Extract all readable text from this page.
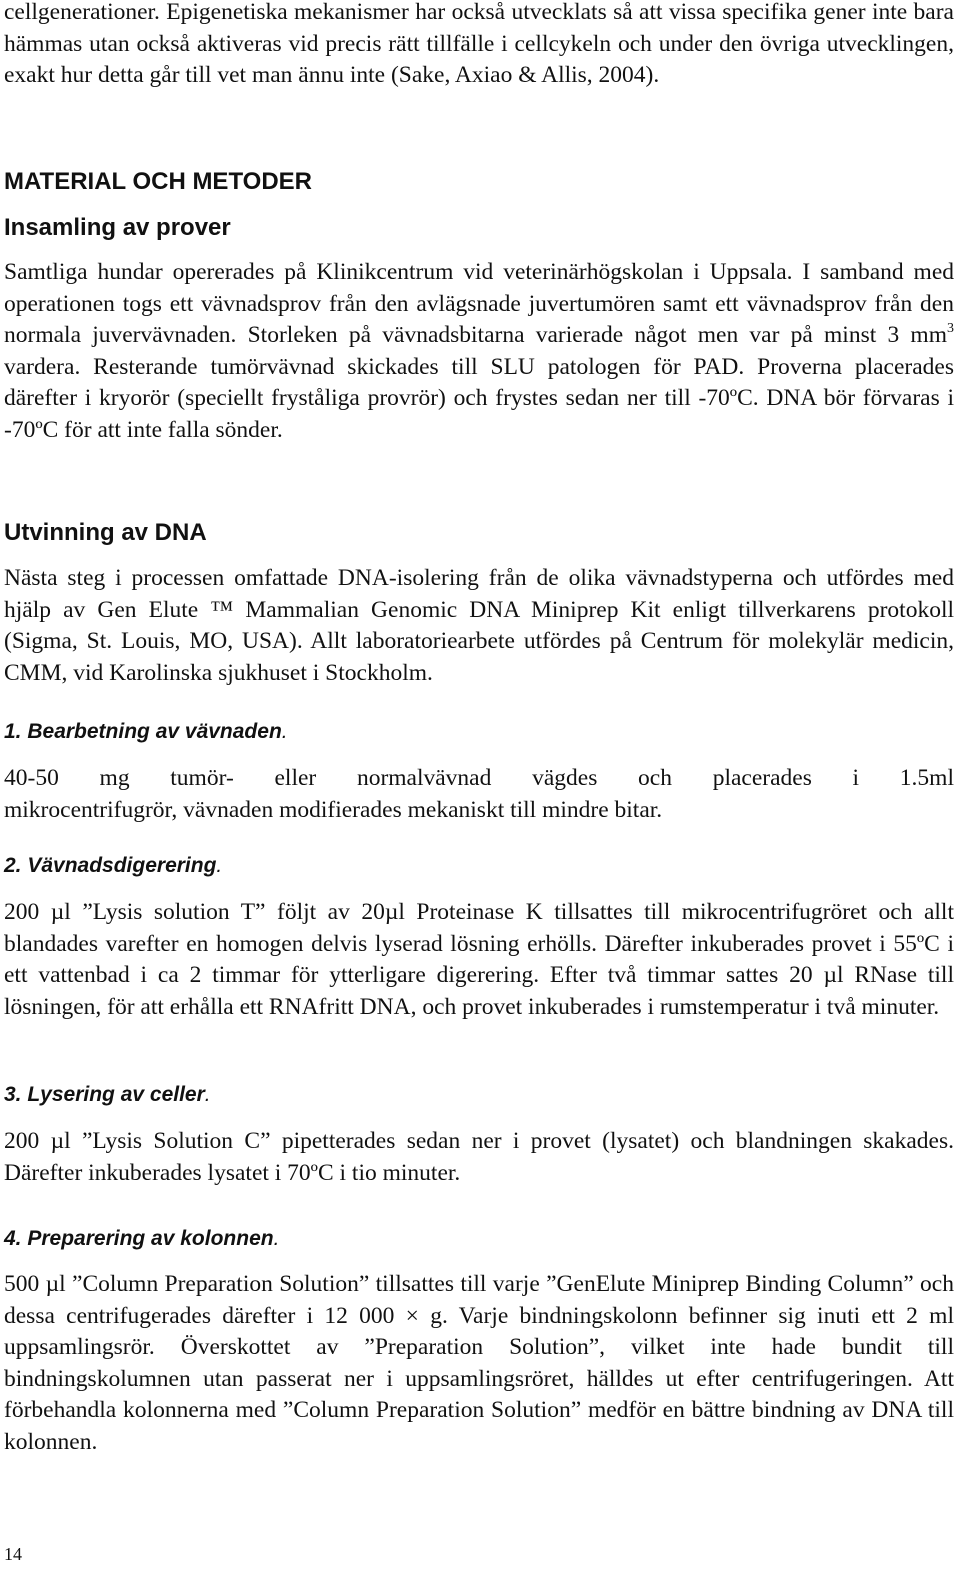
cellgenerationer. Epigenetiska mekanismer har också utvecklats så att vissa specifika gener inte bara hämmas utan också aktiveras vid precis rätt tillfälle i cellcykeln och under den övriga utvecklingen, exakt hur detta går till vet man ännu inte (Sake, Axiao & Allis, 2004).

MATERIAL OCH METODER
Insamling av prover

Samtliga hundar opererades på Klinikcentrum vid veterinärhögskolan i Uppsala. I samband med operationen togs ett vävnadsprov från den avlägsnade juvertumören samt ett vävnadsprov från den normala juvervävnaden. Storleken på vävnadsbitarna varierade något men var på minst 3 $mm^3$ vardera. Resterande tumörvävnad skickades till SLU patologen för PAD. Proverna placerades därefter i kryorör (speciellt fryståliga provrör) och frystes sedan ner till -70ºC. DNA bör förvaras i -70ºC för att inte falla sönder.

Utvinning av DNA

Nästa steg i processen omfattade DNA-isolering från de olika vävnadstyperna och utfördes med hjälp av Gen Elute ™ Mammalian Genomic DNA Miniprep Kit enligt tillverkarens protokoll (Sigma, St. Louis, MO, USA). Allt laboratoriearbete utfördes på Centrum för molekylär medicin, CMM, vid Karolinska sjukhuset i Stockholm.

1. Bearbetning av vävnaden.

40-50 mg tumör- eller normalvävnad vägdes och placerades i 1.5ml

mikrocentrifugrör, vävnaden modifierades mekaniskt till mindre bitar.

2. Vävnadsdigerering.

200 µl ”Lysis solution T” följt av 20µl Proteinase K tillsattes till mikrocentrifugröret och allt blandades varefter en homogen delvis lyserad lösning erhölls. Därefter inkuberades provet i 55ºC i ett vattenbad i ca 2 timmar för ytterligare digerering. Efter två timmar sattes 20 µl RNase till lösningen, för att erhålla ett RNAfritt DNA, och provet inkuberades i rumstemperatur i två minuter.

3. Lysering av celler.

200 µl ”Lysis Solution C” pipetterades sedan ner i provet (lysatet) och blandningen skakades. Därefter inkuberades lysatet i 70ºC i tio minuter.

4. Preparering av kolonnen.

500 µl ”Column Preparation Solution” tillsattes till varje ”GenElute Miniprep Binding Column” och dessa centrifugerades därefter i 12 000 × g. Varje bindningskolonn befinner sig inuti ett 2 ml uppsamlingsrör. Överskottet av ”Preparation Solution”, vilket inte hade bundit till bindningskolumnen utan passerat ner i uppsamlingsröret, hälldes ut efter centrifugeringen. Att förbehandla kolonnerna med ”Column Preparation Solution” medför en bättre bindning av DNA till kolonnen.

14
